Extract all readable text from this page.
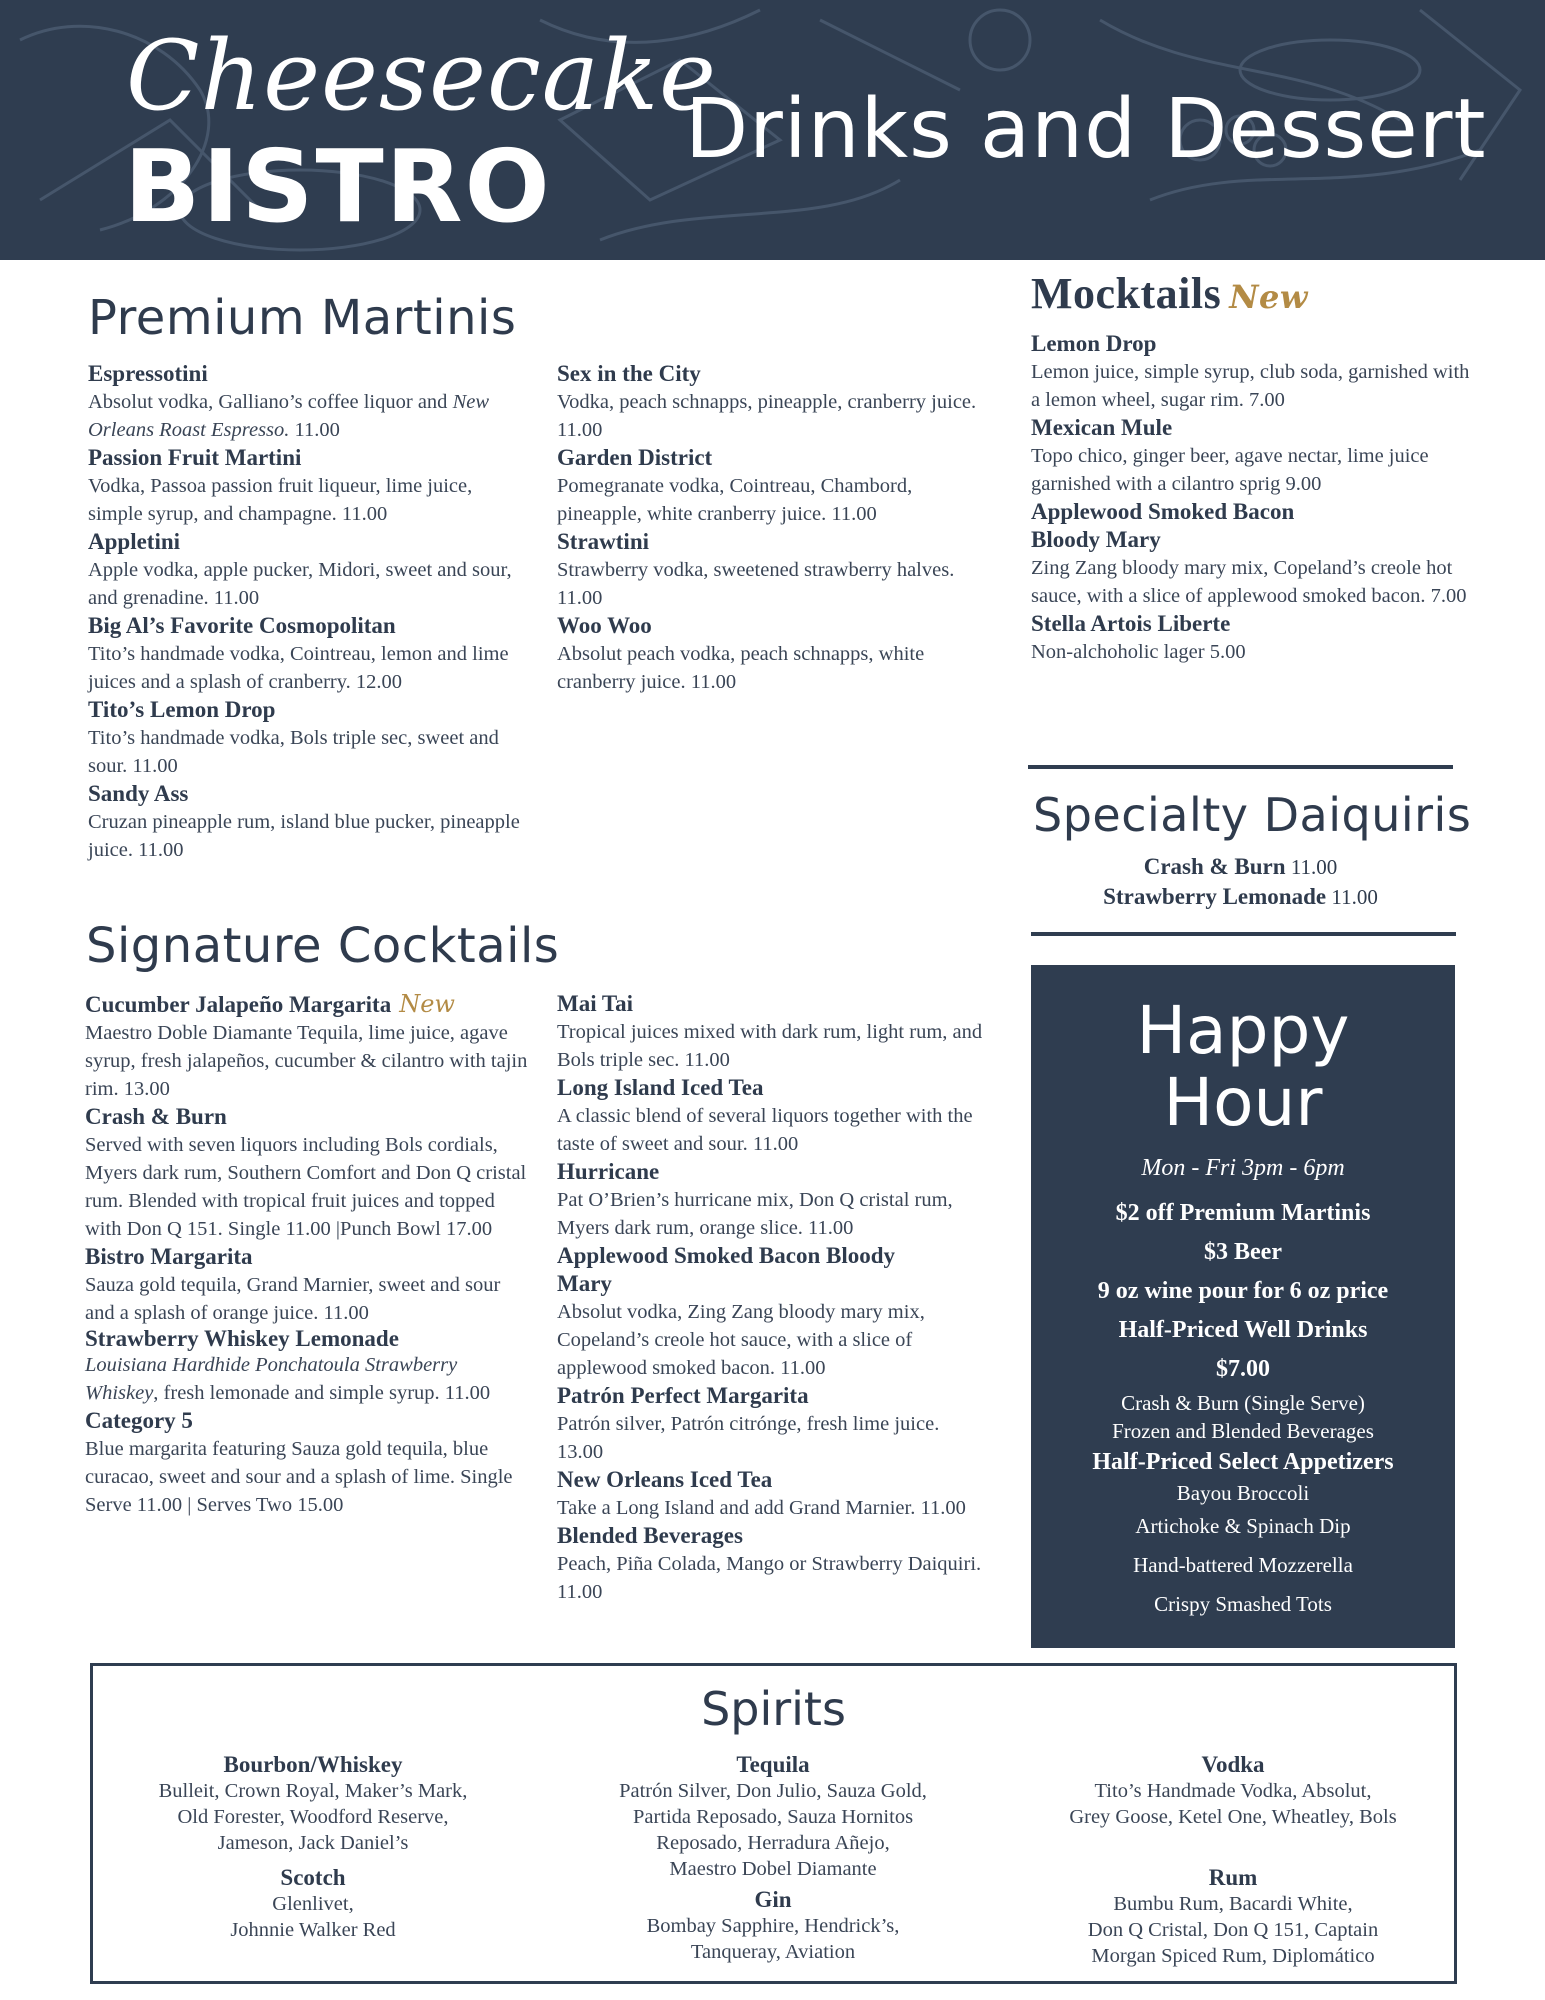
Cheesecake
BISTRO Drinks and Dessert
Premium Martinis
Espressotini
Absolut vodka, Galliano’s coffee liquor and New Orleans Roast Espresso. 11.00
Passion Fruit Martini
Vodka, Passoa passion fruit liqueur, lime juice, simple syrup, and champagne. 11.00
Appletini
Apple vodka, apple pucker, Midori, sweet and sour, and grenadine. 11.00
Big Al’s Favorite Cosmopolitan
Tito’s handmade vodka, Cointreau, lemon and lime juices and a splash of cranberry. 12.00
Tito’s Lemon Drop
Tito’s handmade vodka, Bols triple sec, sweet and sour. 11.00
Sandy Ass
Cruzan pineapple rum, island blue pucker, pineapple juice. 11.00
Sex in the City
Vodka, peach schnapps, pineapple, cranberry juice. 11.00
Garden District
Pomegranate vodka, Cointreau, Chambord, pineapple, white cranberry juice. 11.00
Strawtini
Strawberry vodka, sweetened strawberry halves. 11.00
Woo Woo
Absolut peach vodka, peach schnapps, white cranberry juice. 11.00
Signature Cocktails
Cucumber Jalapeño Margarita New
Maestro Doble Diamante Tequila, lime juice, agave syrup, fresh jalapeños, cucumber & cilantro with tajin rim. 13.00
Crash & Burn
Served with seven liquors including Bols cordials, Myers dark rum, Southern Comfort and Don Q cristal rum. Blended with tropical fruit juices and topped with Don Q 151. Single 11.00 |Punch Bowl 17.00
Bistro Margarita
Sauza gold tequila, Grand Marnier, sweet and sour and a splash of orange juice. 11.00
Strawberry Whiskey Lemonade
Louisiana Hardhide Ponchatoula Strawberry Whiskey, fresh lemonade and simple syrup. 11.00
Category 5
Blue margarita featuring Sauza gold tequila, blue curacao, sweet and sour and a splash of lime. Single Serve 11.00 | Serves Two 15.00
Mai Tai
Tropical juices mixed with dark rum, light rum, and Bols triple sec. 11.00
Long Island Iced Tea
A classic blend of several liquors together with the taste of sweet and sour. 11.00
Hurricane
Pat O’Brien’s hurricane mix, Don Q cristal rum, Myers dark rum, orange slice. 11.00
Applewood Smoked Bacon Bloody Mary
Absolut vodka, Zing Zang bloody mary mix, Copeland’s creole hot sauce, with a slice of applewood smoked bacon. 11.00
Patrón Perfect Margarita
Patrón silver, Patrón citrónge, fresh lime juice. 13.00
New Orleans Iced Tea
Take a Long Island and add Grand Marnier. 11.00
Blended Beverages
Peach, Piña Colada, Mango or Strawberry Daiquiri. 11.00
Mocktails New
Lemon Drop
Lemon juice, simple syrup, club soda, garnished with a lemon wheel, sugar rim. 7.00
Mexican Mule
Topo chico, ginger beer, agave nectar, lime juice garnished with a cilantro sprig 9.00
Applewood Smoked Bacon Bloody Mary
Zing Zang bloody mary mix, Copeland’s creole hot sauce, with a slice of applewood smoked bacon. 7.00
Stella Artois Liberte
Non-alchoholic lager 5.00
Specialty Daiquiris
Crash & Burn 11.00
Strawberry Lemonade 11.00
Happy
Hour
Mon - Fri 3pm - 6pm
$2 off Premium Martinis
$3 Beer
9 oz wine pour for 6 oz price
Half-Priced Well Drinks
$7.00
Crash & Burn (Single Serve)
Frozen and Blended Beverages
Half-Priced Select Appetizers
Bayou Broccoli
Artichoke & Spinach Dip
Hand-battered Mozzerella
Crispy Smashed Tots
Spirits
Bourbon/Whiskey
Bulleit, Crown Royal, Maker’s Mark,
Old Forester, Woodford Reserve,
Jameson, Jack Daniel’s
Scotch
Glenlivet,
Johnnie Walker Red
Tequila
Patrón Silver, Don Julio, Sauza Gold,
Partida Reposado, Sauza Hornitos
Reposado, Herradura Añejo,
Maestro Dobel Diamante
Gin
Bombay Sapphire, Hendrick’s,
Tanqueray, Aviation
Vodka
Tito’s Handmade Vodka, Absolut,
Grey Goose, Ketel One, Wheatley, Bols
Rum
Bumbu Rum, Bacardi White,
Don Q Cristal, Don Q 151, Captain
Morgan Spiced Rum, Diplomático
